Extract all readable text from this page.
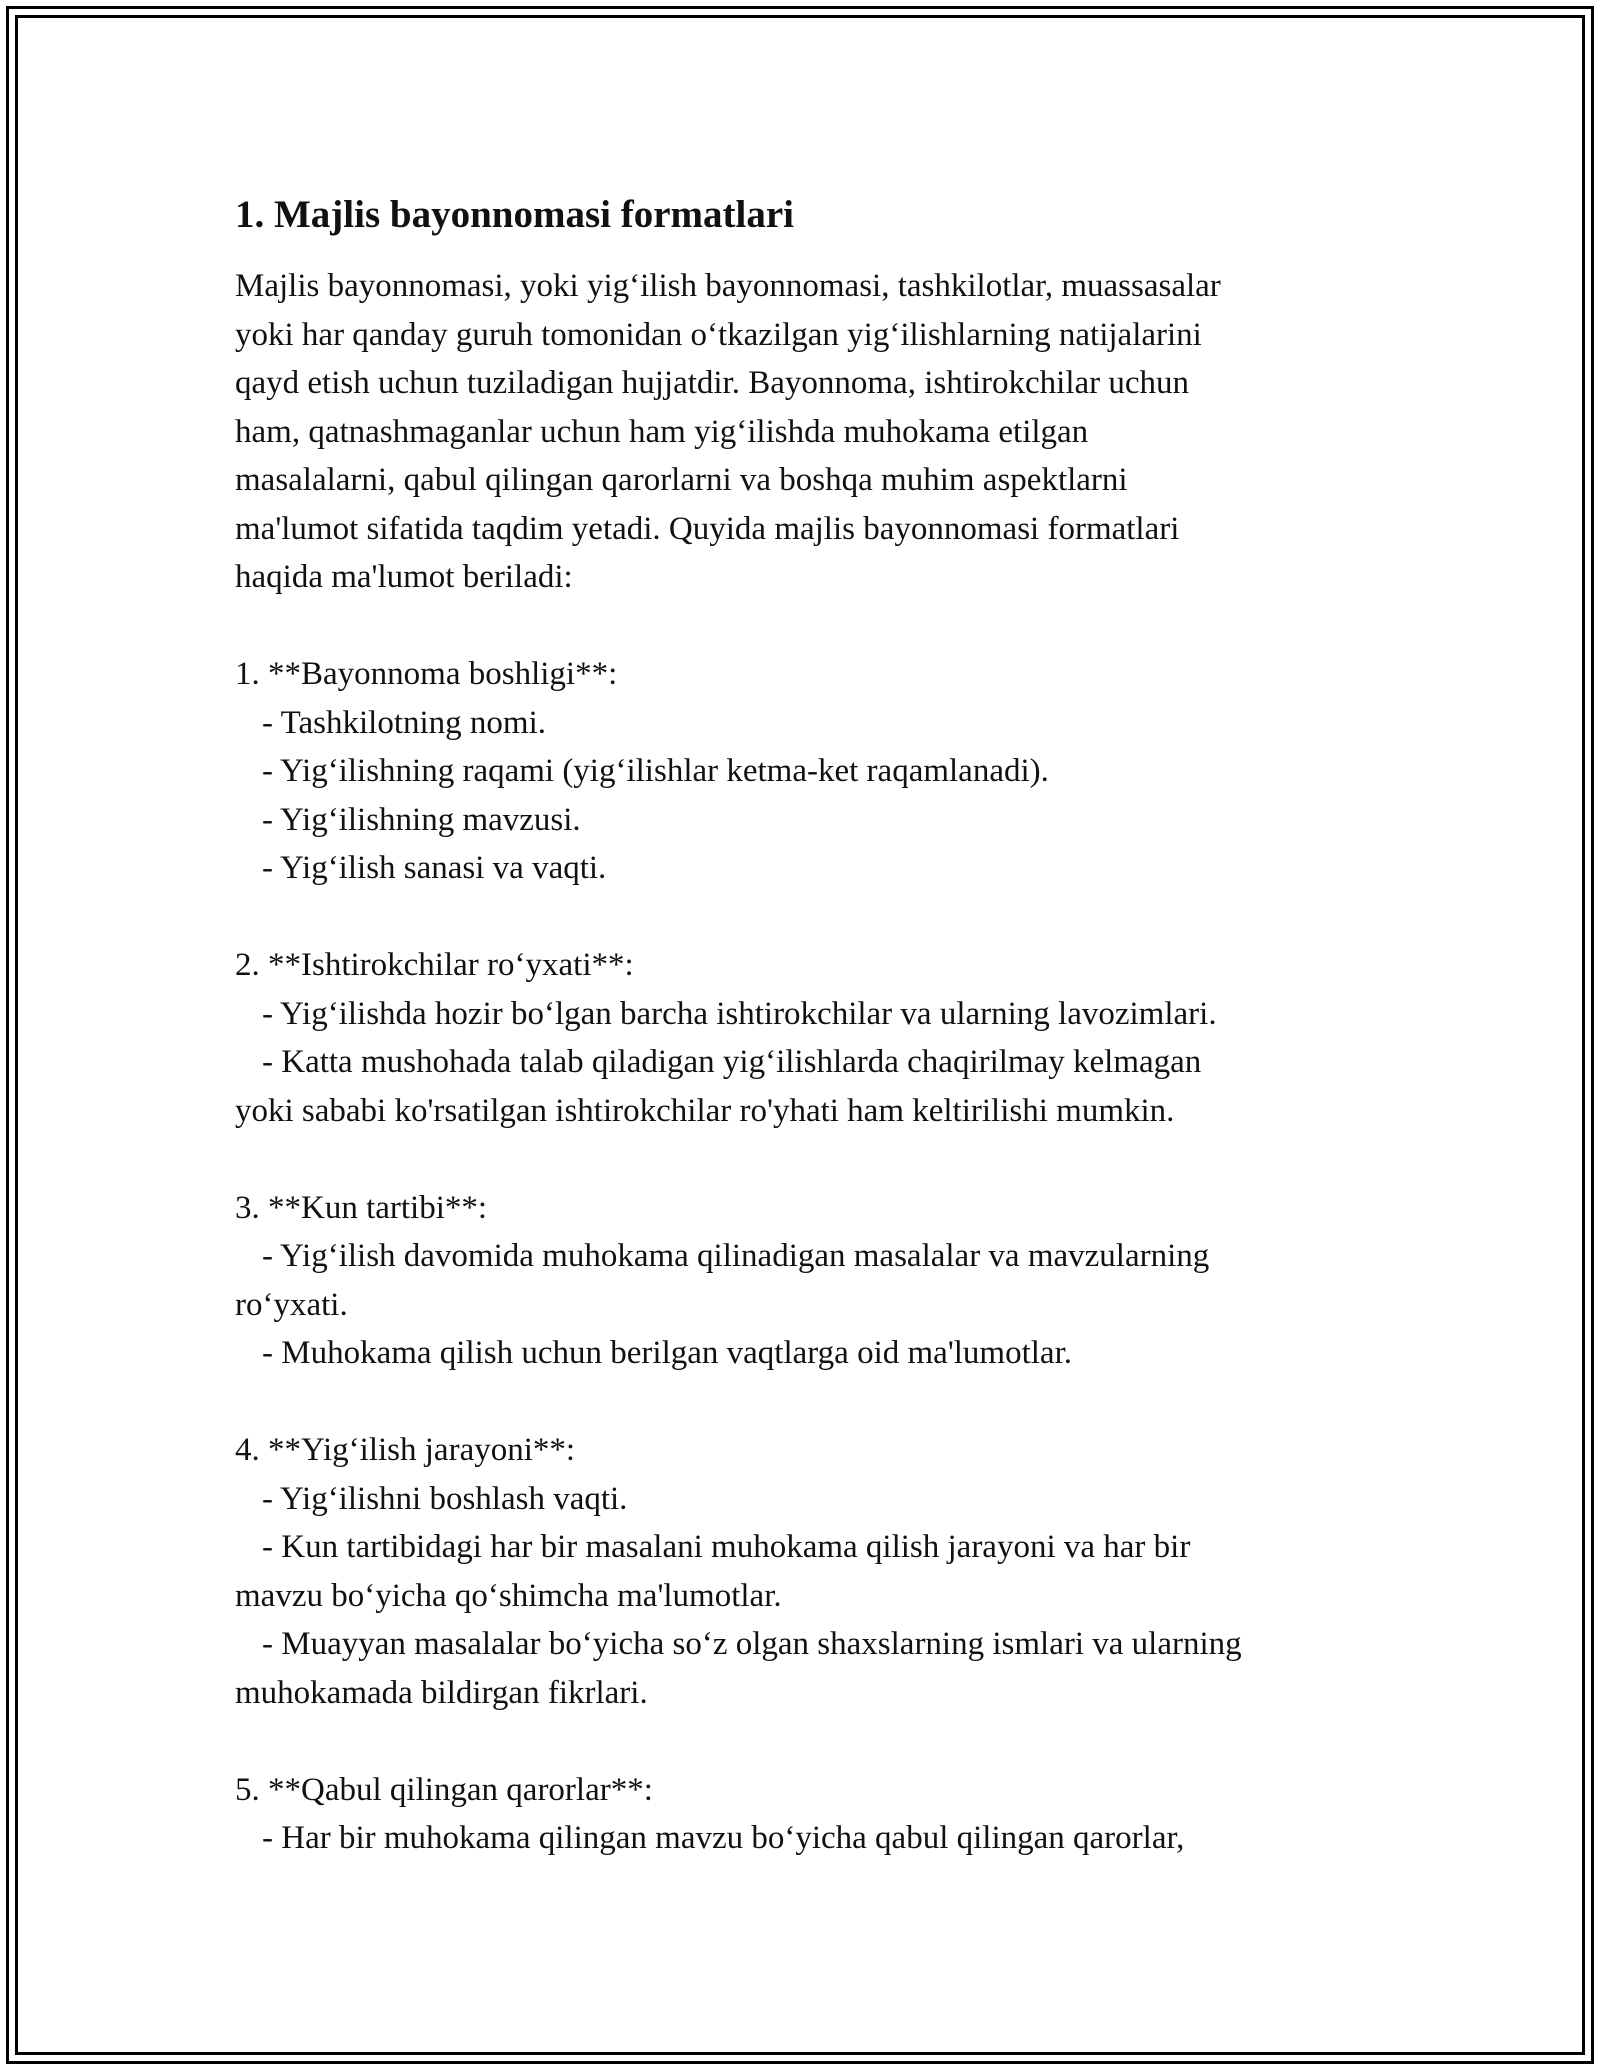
1. Majlis bayonnomasi formatlari

Majlis bayonnomasi, yoki yig‘ilish bayonnomasi, tashkilotlar, muassasalar

yoki har qanday guruh tomonidan o‘tkazilgan yig‘ilishlarning natijalarini

qayd etish uchun tuziladigan hujjatdir. Bayonnoma, ishtirokchilar uchun

ham, qatnashmaganlar uchun ham yig‘ilishda muhokama etilgan

masalalarni, qabul qilingan qarorlarni va boshqa muhim aspektlarni

ma'lumot sifatida taqdim yetadi. Quyida majlis bayonnomasi formatlari

haqida ma'lumot beriladi:

1. **Bayonnoma boshligi**:

- Tashkilotning nomi.

- Yig‘ilishning raqami (yig‘ilishlar ketma-ket raqamlanadi).

- Yig‘ilishning mavzusi.

- Yig‘ilish sanasi va vaqti.

2. **Ishtirokchilar ro‘yxati**:

- Yig‘ilishda hozir bo‘lgan barcha ishtirokchilar va ularning lavozimlari.

- Katta mushohada talab qiladigan yig‘ilishlarda chaqirilmay kelmagan

yoki sababi ko'rsatilgan ishtirokchilar ro'yhati ham keltirilishi mumkin.

3. **Kun tartibi**:

- Yig‘ilish davomida muhokama qilinadigan masalalar va mavzularning

ro‘yxati.

- Muhokama qilish uchun berilgan vaqtlarga oid ma'lumotlar.

4. **Yig‘ilish jarayoni**:

- Yig‘ilishni boshlash vaqti.

- Kun tartibidagi har bir masalani muhokama qilish jarayoni va har bir

mavzu bo‘yicha qo‘shimcha ma'lumotlar.

- Muayyan masalalar bo‘yicha so‘z olgan shaxslarning ismlari va ularning

muhokamada bildirgan fikrlari.

5. **Qabul qilingan qarorlar**:

- Har bir muhokama qilingan mavzu bo‘yicha qabul qilingan qarorlar,
